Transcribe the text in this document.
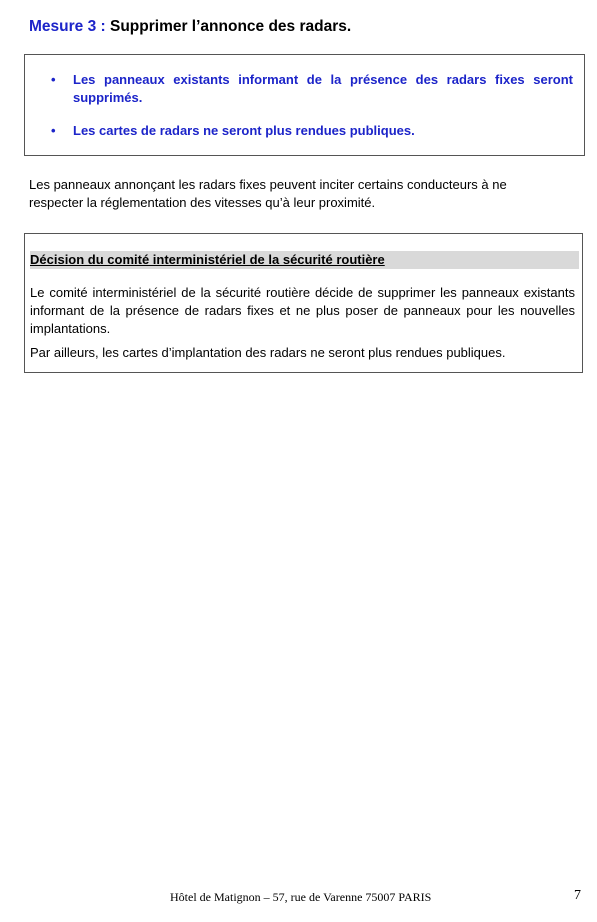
Mesure 3 : Supprimer l’annonce des radars.
• Les panneaux existants informant de la présence des radars fixes seront supprimés.
• Les cartes de radars ne seront plus rendues publiques.

Les panneaux annonçant les radars fixes peuvent inciter certains conducteurs à ne respecter la réglementation des vitesses qu’à leur proximité.

Décision du comité interministériel de la sécurité routière

Le comité interministériel de la sécurité routière décide de supprimer les panneaux existants informant de la présence de radars fixes et ne plus poser de panneaux pour les nouvelles implantations.

Par ailleurs, les cartes d’implantation des radars ne seront plus rendues publiques.

Hôtel de Matignon – 57, rue de Varenne 75007 PARIS	7
